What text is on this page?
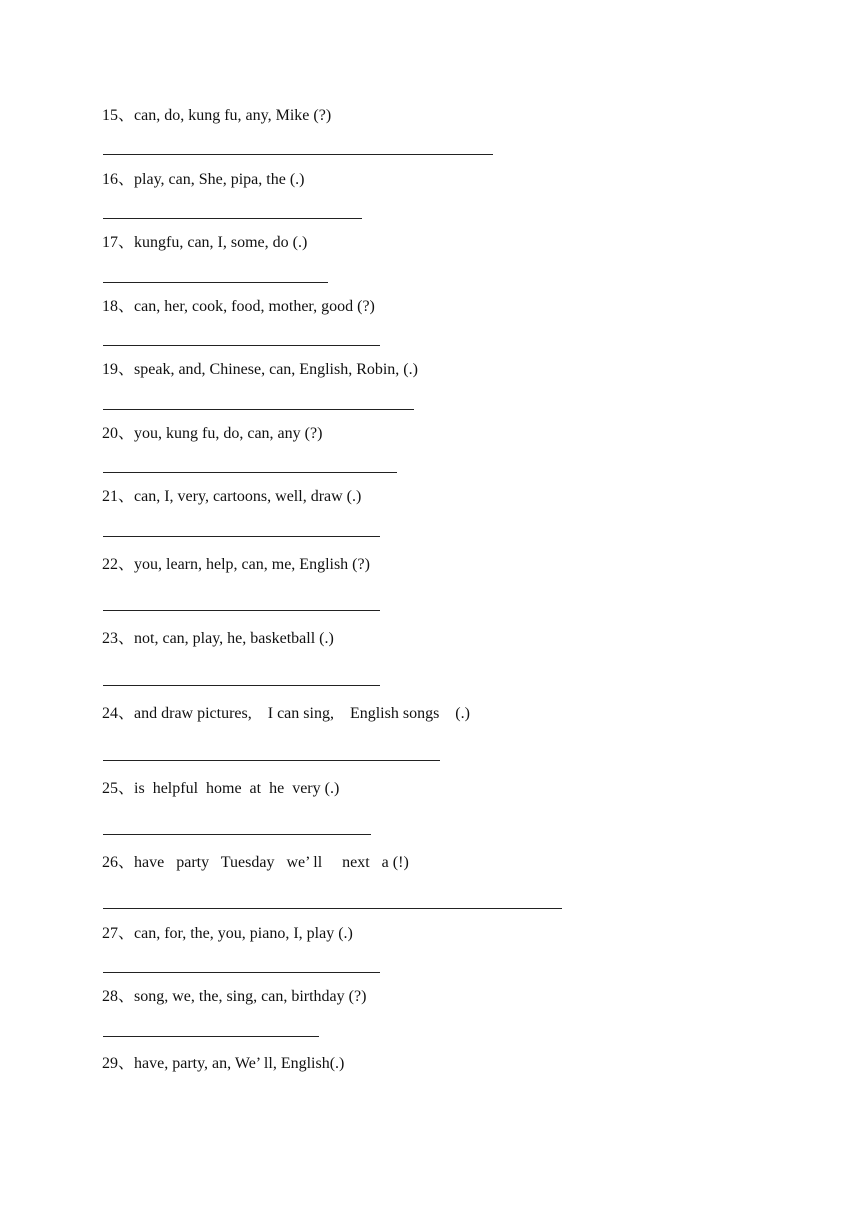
15、can, do, kung fu, any, Mike (?)
16、play, can, She, pipa, the (.)
17、kungfu, can, I, some, do (.)
18、can, her, cook, food, mother, good (?)
19、speak, and, Chinese, can, English, Robin, (.)
20、you, kung fu, do, can, any (?)
21、can, I, very, cartoons, well, draw (.)
22、you, learn, help, can, me, English (?)
23、not, can, play, he, basketball (.)
24、and draw pictures,    I can sing,    English songs    (.)
25、is  helpful  home  at  he  very (.)
26、have   party   Tuesday   we’ ll     next   a (!)
27、can, for, the, you, piano, I, play (.)
28、song, we, the, sing, can, birthday (?)
29、have, party, an, We’ ll, English(.)
